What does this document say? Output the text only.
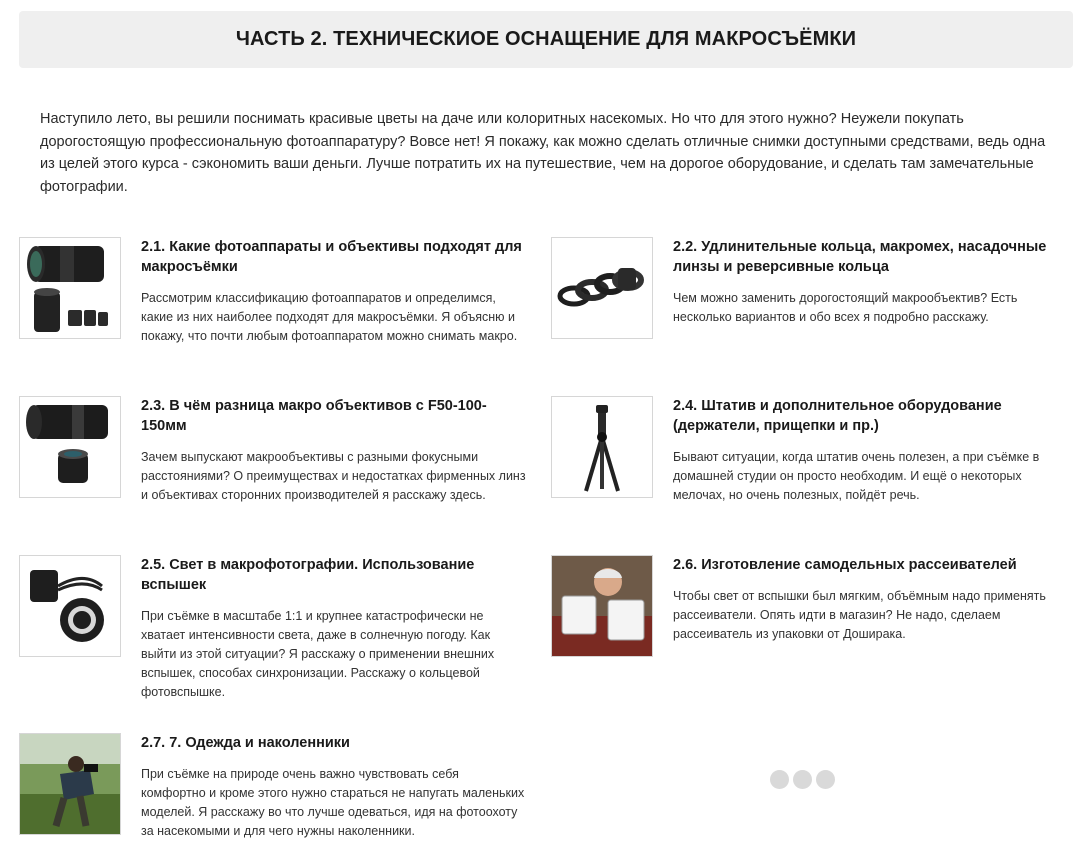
ЧАСТЬ 2. ТЕХНИЧЕСКИОЕ ОСНАЩЕНИЕ ДЛЯ МАКРОСЪЁМКИ

Наступило лето, вы решили поснимать красивые цветы на даче или колоритных насекомых. Но что для этого нужно? Неужели покупать дорогостоящую профессиональную фотоаппаратуру? Вовсе нет! Я покажу, как можно сделать отличные снимки доступными средствами, ведь одна из целей этого курса - сэкономить ваши деньги. Лучше потратить их на путешествие, чем на дорогое оборудование, и сделать там замечательные фотографии.

2.1. Какие фотоаппараты и объективы подходят для макросъёмки

Рассмотрим классификацию фотоаппаратов и определимся, какие из них наиболее подходят для макросъёмки. Я объясню и покажу, что почти любым фотоаппаратом можно снимать макро.

2.2. Удлинительные кольца, макромех, насадочные линзы и реверсивные кольца

Чем можно заменить дорогостоящий макрообъектив? Есть несколько вариантов и обо всех я подробно расскажу.

2.3. В чём разница макро объективов с F50-100-150мм

Зачем выпускают макрообъективы с разными фокусными расстояниями? О преимуществах и недостатках фирменных линз и объективах сторонних производителей я расскажу здесь.

2.4. Штатив и дополнительное оборудование (держатели, прищепки и пр.)

Бывают ситуации, когда штатив очень полезен, а при съёмке в домашней студии он просто необходим. И ещё о некоторых мелочах, но очень полезных, пойдёт речь.

2.5. Свет в макрофотографии. Использование вспышек

При съёмке в масштабе 1:1 и крупнее катастрофически не хватает интенсивности света, даже в солнечную погоду. Как выйти из этой ситуации? Я расскажу о применении внешних вспышек, способах синхронизации. Расскажу о кольцевой фотовспышке.

2.6. Изготовление самодельных рассеивателей

Чтобы свет от вспышки был мягким, объёмным надо применять рассеиватели. Опять идти в магазин? Не надо, сделаем рассеиватель из упаковки от Доширака.

2.7. 7. Одежда и наколенники

При съёмке на природе очень важно чувствовать себя комфортно и кроме этого нужно стараться не напугать маленьких моделей. Я расскажу во что лучше одеваться, идя на фотоохоту за насекомыми и для чего нужны наколенники.
